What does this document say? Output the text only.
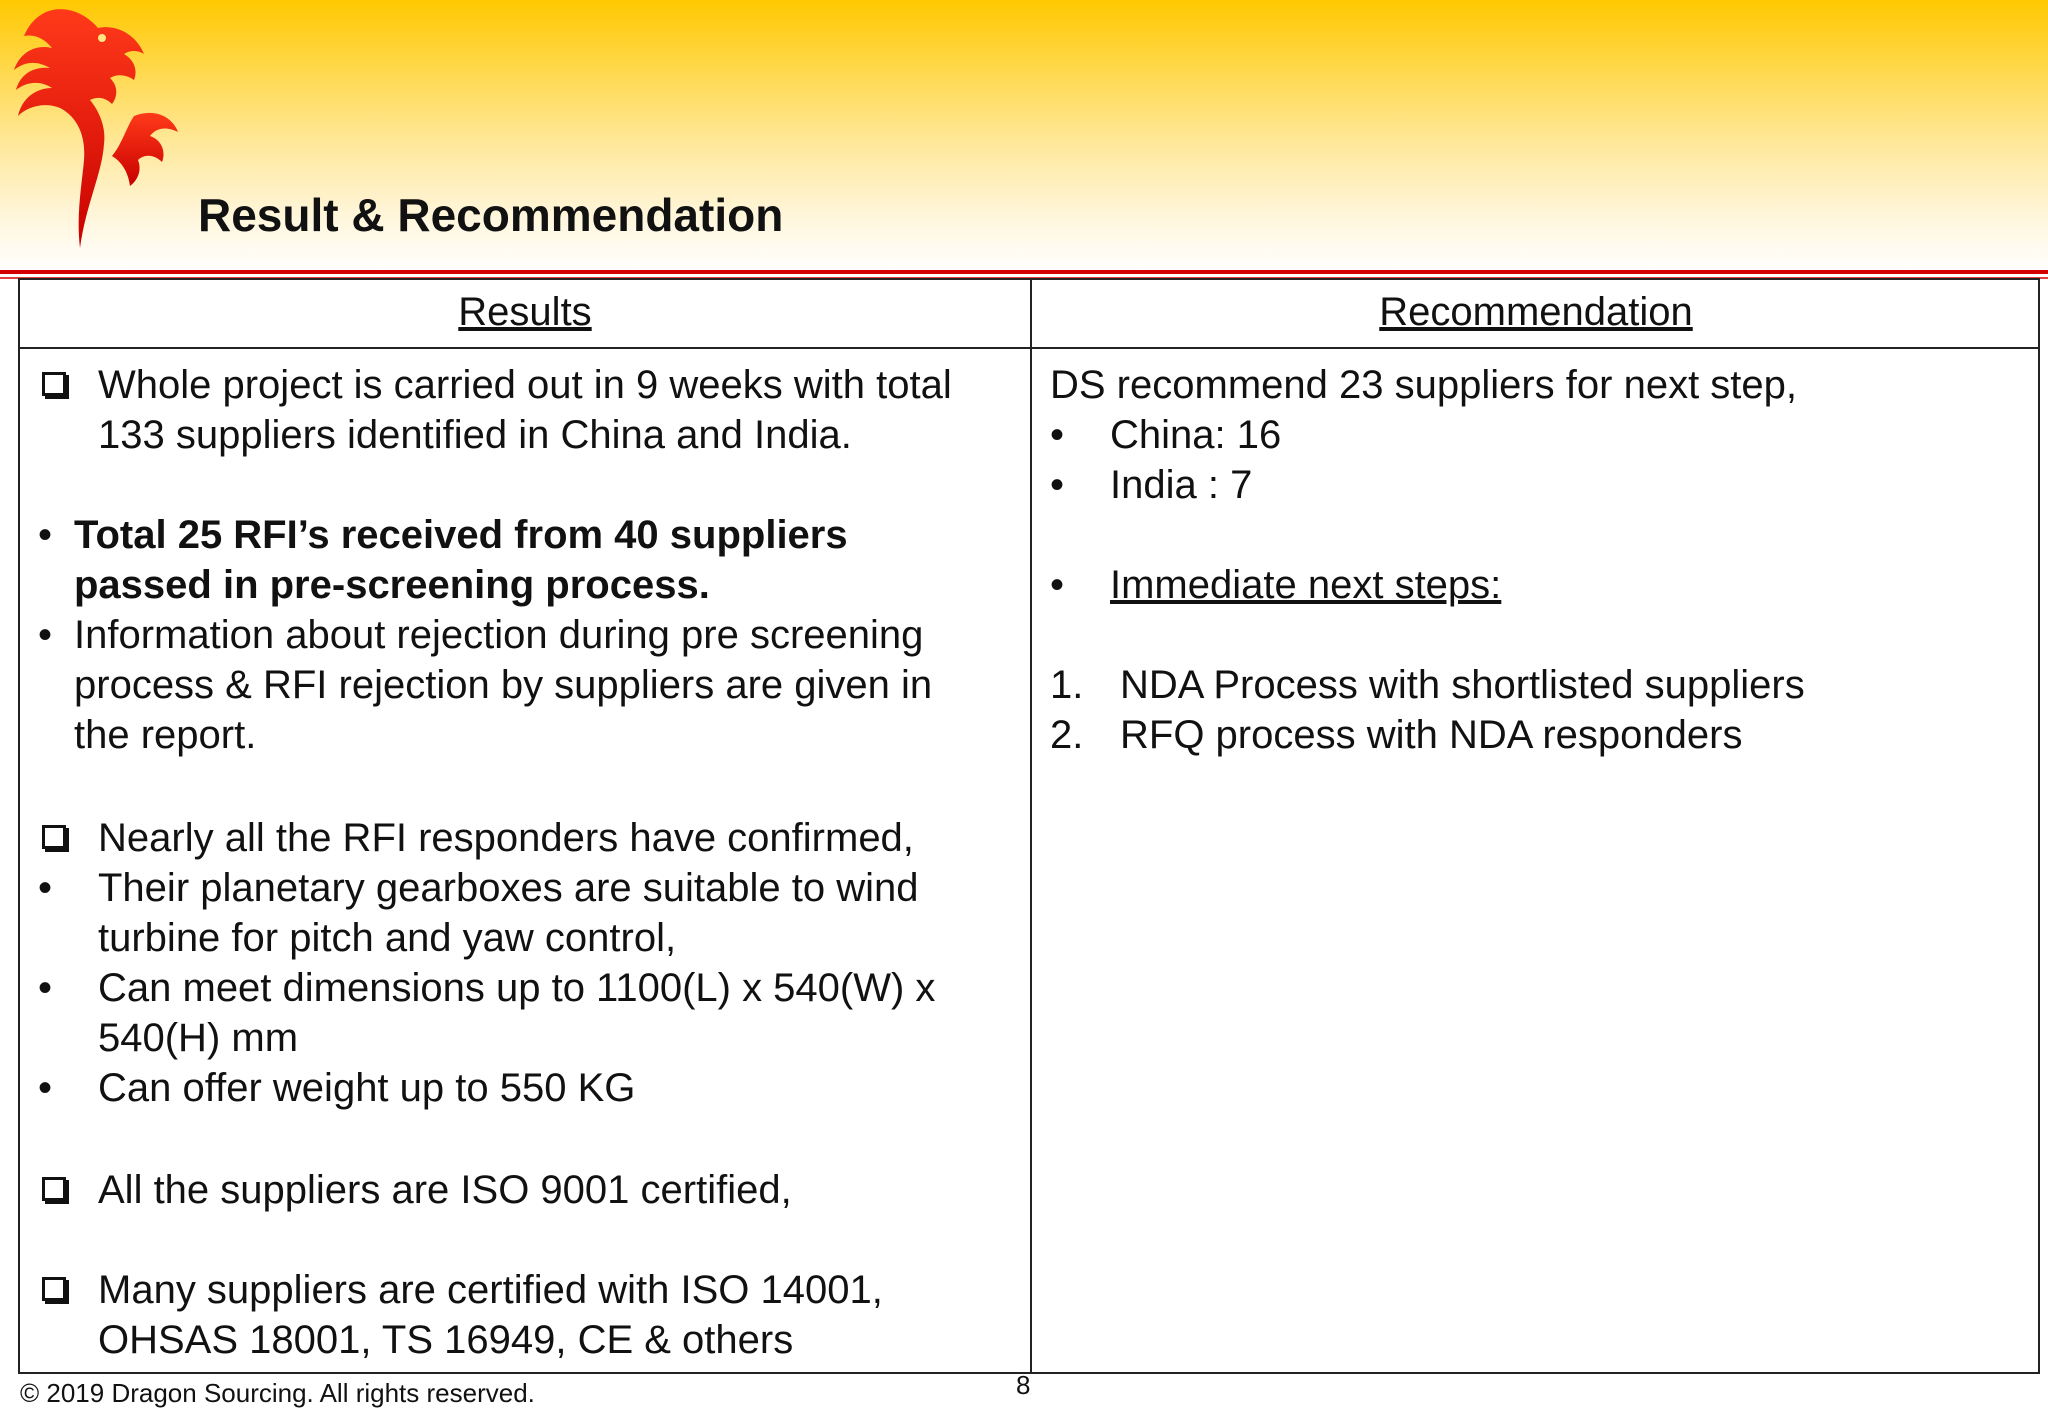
Result & Recommendation
Results	Recommendation
Whole project is carried out in 9 weeks with total
133 suppliers identified in China and India.
• Total 25 RFI’s received from 40 suppliers
passed in pre-screening process.
• Information about rejection during pre screening
process & RFI rejection by suppliers are given in
the report.
Nearly all the RFI responders have confirmed,
• Their planetary gearboxes are suitable to wind
turbine for pitch and yaw control,
• Can meet dimensions up to 1100(L) x 540(W) x
540(H) mm
• Can offer weight up to 550 KG
All the suppliers are ISO 9001 certified,
Many suppliers are certified with ISO 14001,
OHSAS 18001, TS 16949, CE & others
DS recommend 23 suppliers for next step,
• China: 16
• India : 7
• Immediate next steps:
1. NDA Process with shortlisted suppliers
2. RFQ process with NDA responders
© 2019 Dragon Sourcing. All rights reserved.	8
